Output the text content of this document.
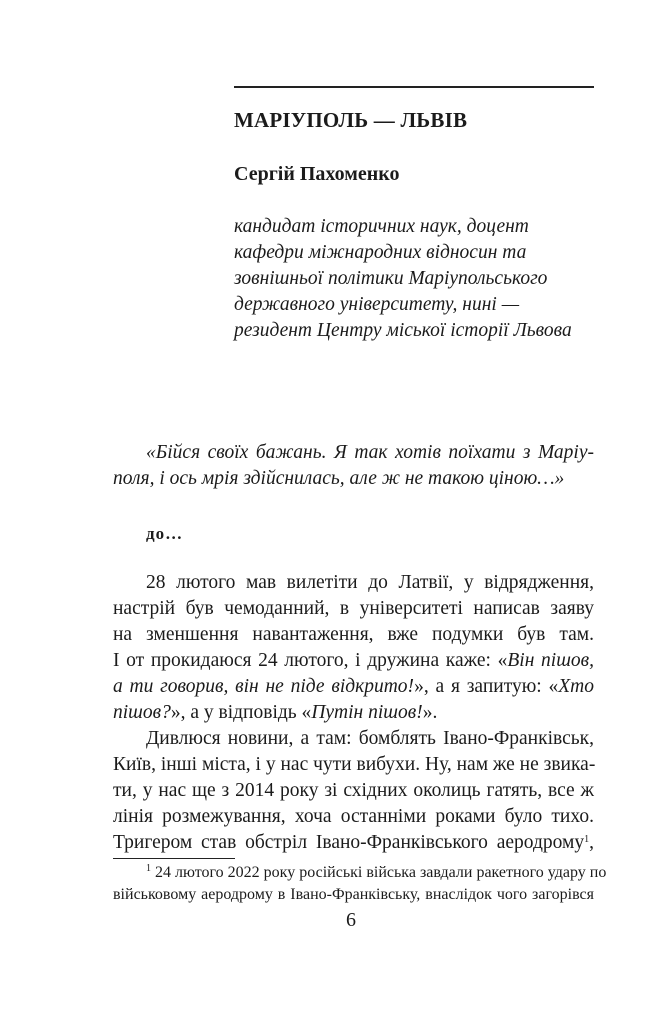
МАРІУПОЛЬ — ЛЬВІВ
Сергій Пахоменко
кандидат історичних наук, доцент
кафедри міжнародних відносин та
зовнішньої політики Маріупольського
державного університету, нині —
резидент Центру міської історії Львова
«Бійся своїх бажань. Я так хотів поїхати з Маріу-
поля, і ось мрія здійснилась, але ж не такою ціною…»
до…
28 лютого мав вилетіти до Латвії, у відрядження,
настрій був чемоданний, в університеті написав заяву
на зменшення навантаження, вже подумки був там.
І от прокидаюся 24 лютого, і дружина каже: «Він пішов,
а ти говорив, він не піде відкрито!», а я запитую: «Хто
пішов?», а у відповідь «Путін пішов!».
Дивлюся новини, а там: бомблять Івано-Франківськ,
Київ, інші міста, і у нас чути вибухи. Ну, нам же не звика-
ти, у нас ще з 2014 року зі східних околиць гатять, все ж
лінія розмежування, хоча останніми роками було тихо.
Тригером став обстріл Івано-Франківського аеродрому$^1$,
$^1$ 24 лютого 2022 року російські війська завдали ракетного удару по
військовому аеродрому в Івано-Франківську, внаслідок чого загорівся
6
